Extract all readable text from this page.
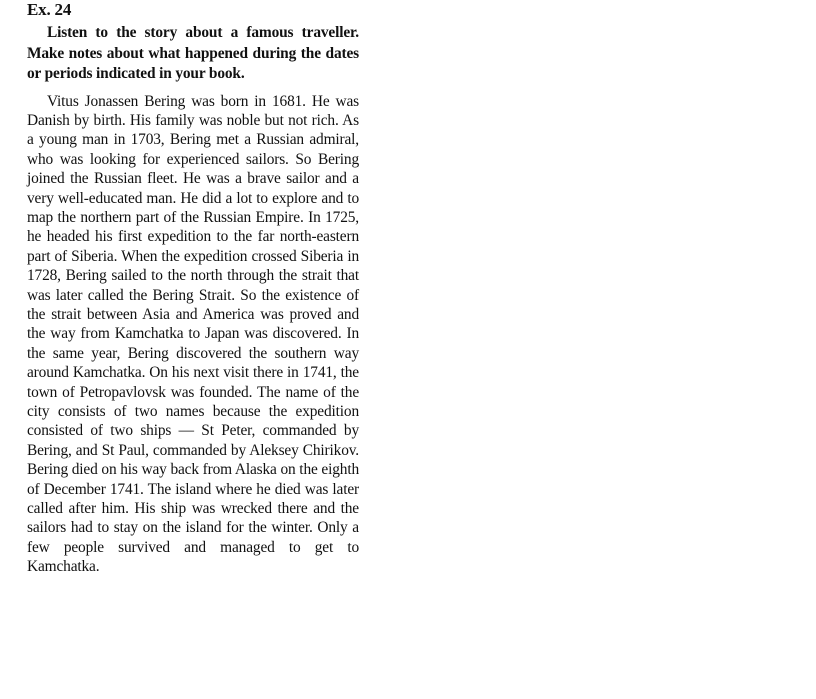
Ex. 24

Listen to the story about a famous traveller. Make notes about what happened during the dates or periods indicated in your book.

Vitus Jonassen Bering was born in 1681. He was
Danish by birth. His family was noble but not rich. As
a young man in 1703, Bering met a Russian admiral,
who was looking for experienced sailors. So Bering
joined the Russian fleet. He was a brave sailor and a
very well-educated man. He did a lot to explore and to
map the northern part of the Russian Empire. In 1725,
he headed his first expedition to the far north-eastern
part of Siberia. When the expedition crossed Siberia in
1728, Bering sailed to the north through the strait that
was later called the Bering Strait. So the existence of
the strait between Asia and America was proved and
the way from Kamchatka to Japan was discovered. In
the same year, Bering discovered the southern way
around Kamchatka. On his next visit there in 1741, the
town of Petropavlovsk was founded. The name of the
city consists of two names because the expedition
consisted of two ships — St Peter, commanded by
Bering, and St Paul, commanded by Aleksey Chirikov.
Bering died on his way back from Alaska on the eighth
of December 1741. The island where he died was later
called after him. His ship was wrecked there and the
sailors had to stay on the island for the winter. Only a
few people survived and managed to get to
Kamchatka.
